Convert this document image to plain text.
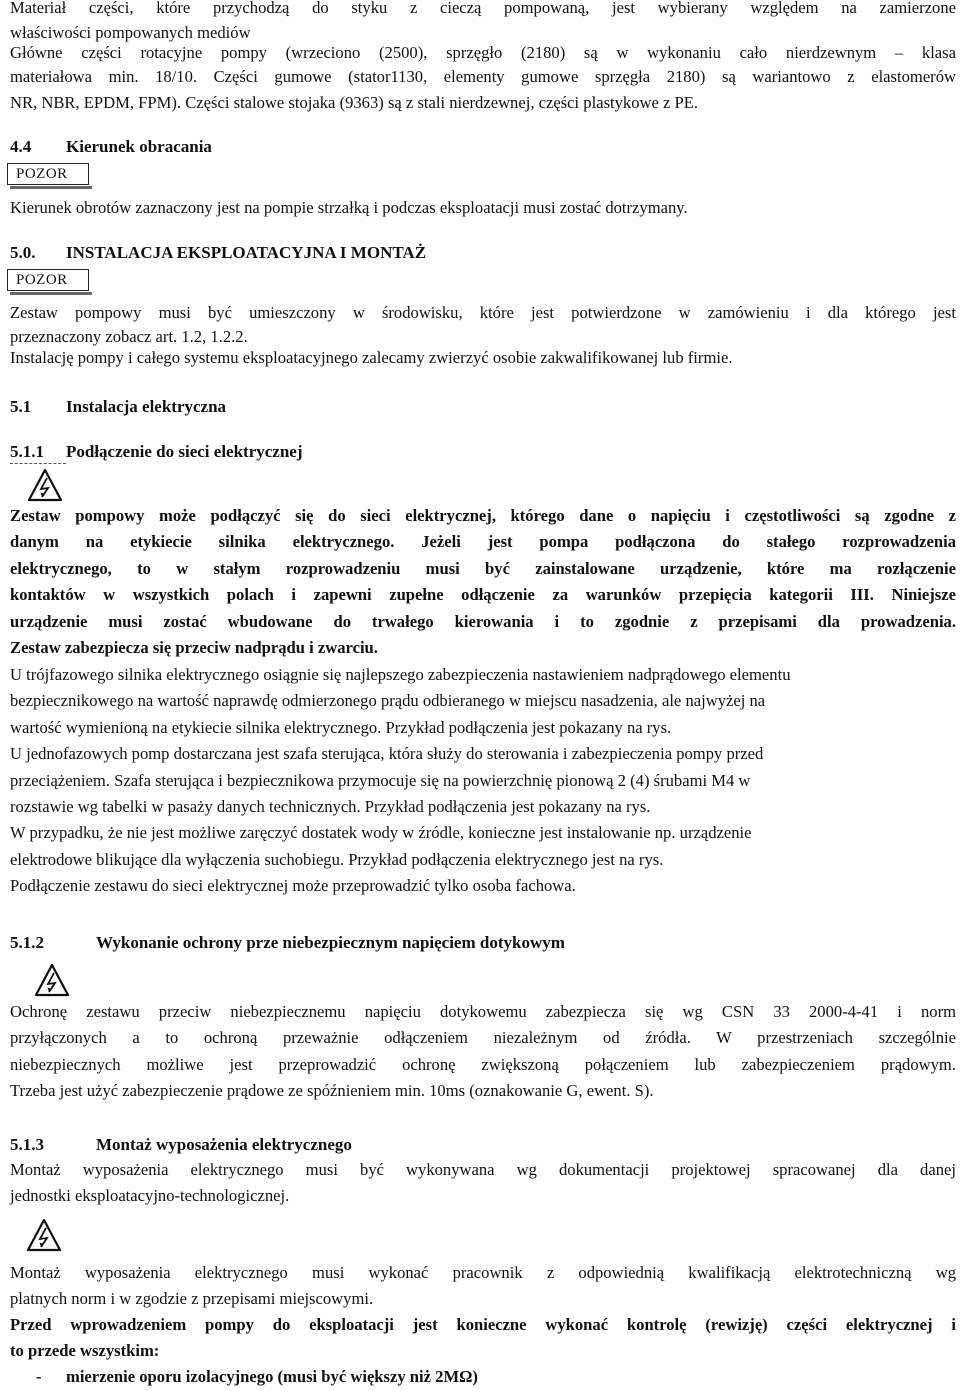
Materiał części, które przychodzą do styku z cieczą pompowaną, jest wybierany względem na zamierzone

właściwości pompowanych mediów

Główne części rotacyjne pompy (wrzeciono (2500), sprzęgło (2180) są w wykonaniu cało nierdzewnym – klasa

materiałowa min. 18/10. Części gumowe (stator1130, elementy gumowe sprzęgła 2180) są wariantowo z elastomerów

NR, NBR, EPDM, FPM). Części stalowe stojaka (9363) są z stali nierdzewnej, części plastykowe z PE.

4.4 Kierunek obracania
POZOR

Kierunek obrotów zaznaczony jest na pompie strzałką i podczas eksploatacji musi zostać dotrzymany.

5.0. INSTALACJA EKSPLOATACYJNA I MONTAŻ
POZOR

Zestaw pompowy musi być umieszczony w środowisku, które jest potwierdzone w zamówieniu i dla którego jest

przeznaczony zobacz art. 1.2, 1.2.2.

Instalację pompy i całego systemu eksploatacyjnego zalecamy zwierzyć osobie zakwalifikowanej lub firmie.

5.1 Instalacja elektryczna
5.1.1 Podłączenie do sieci elektrycznej
Zestaw pompowy może podłączyć się do sieci elektrycznej, którego dane o napięciu i częstotliwości są zgodne z
danym na etykiecie silnika elektrycznego. Jeżeli jest pompa podłączona do stałego rozprowadzenia
elektrycznego, to w stałym rozprowadzeniu musi być zainstalowane urządzenie, które ma rozłączenie
kontaktów w wszystkich polach i zapewni zupełne odłączenie za warunków przepięcia kategorii III. Niniejsze
urządzenie musi zostać wbudowane do trwałego kierowania i to zgodnie z przepisami dla prowadzenia.
Zestaw zabezpiecza się przeciw nadprądu i zwarciu.
U trójfazowego silnika elektrycznego osiągnie się najlepszego zabezpieczenia nastawieniem nadprądowego elementu
bezpiecznikowego na wartość naprawdę odmierzonego prądu odbieranego w miejscu nasadzenia, ale najwyżej na
wartość wymienioną na etykiecie silnika elektrycznego. Przykład podłączenia jest pokazany na rys.
U jednofazowych pomp dostarczana jest szafa sterująca, która służy do sterowania i zabezpieczenia pompy przed
przeciążeniem. Szafa sterująca i bezpiecznikowa przymocuje się na powierzchnię pionową 2 (4) śrubami M4 w
rozstawie wg tabelki w pasaży danych technicznych. Przykład podłączenia jest pokazany na rys.
W przypadku, że nie jest możliwe zaręczyć dostatek wody w źródle, konieczne jest instalowanie np. urządzenie
elektrodowe blikujące dla wyłączenia suchobiegu. Przykład podłączenia elektrycznego jest na rys.
Podłączenie zestawu do sieci elektrycznej może przeprowadzić tylko osoba fachowa.
5.1.2	Wykonanie ochrony prze niebezpiecznym napięciem dotykowym
Ochronę zestawu przeciw niebezpiecznemu napięciu dotykowemu zabezpiecza się wg CSN 33 2000-4-41 i norm
przyłączonych a to ochroną przeważnie odłączeniem niezależnym od źródła. W przestrzeniach szczególnie
niebezpiecznych możliwe jest przeprowadzić ochronę zwiększoną połączeniem lub zabezpieczeniem prądowym.
Trzeba jest użyć zabezpieczenie prądowe ze spóźnieniem min. 10ms (oznakowanie G, ewent. S).
5.1.3	Montaż wyposażenia elektrycznego

Montaż wyposażenia elektrycznego musi być wykonywana wg dokumentacji projektowej spracowanej dla danej

jednostki eksploatacyjno-technologicznej.

Montaż wyposażenia elektrycznego musi wykonać pracownik z odpowiednią kwalifikacją elektrotechniczną wg

platnych norm i w zgodzie z przepisami miejscowymi.

Przed wprowadzeniem pompy do eksploatacji jest konieczne wykonać kontrolę (rewizję) części elektrycznej i

to przede wszystkim:

- mierzenie oporu izolacyjnego (musi być większy niż 2MΩ)
